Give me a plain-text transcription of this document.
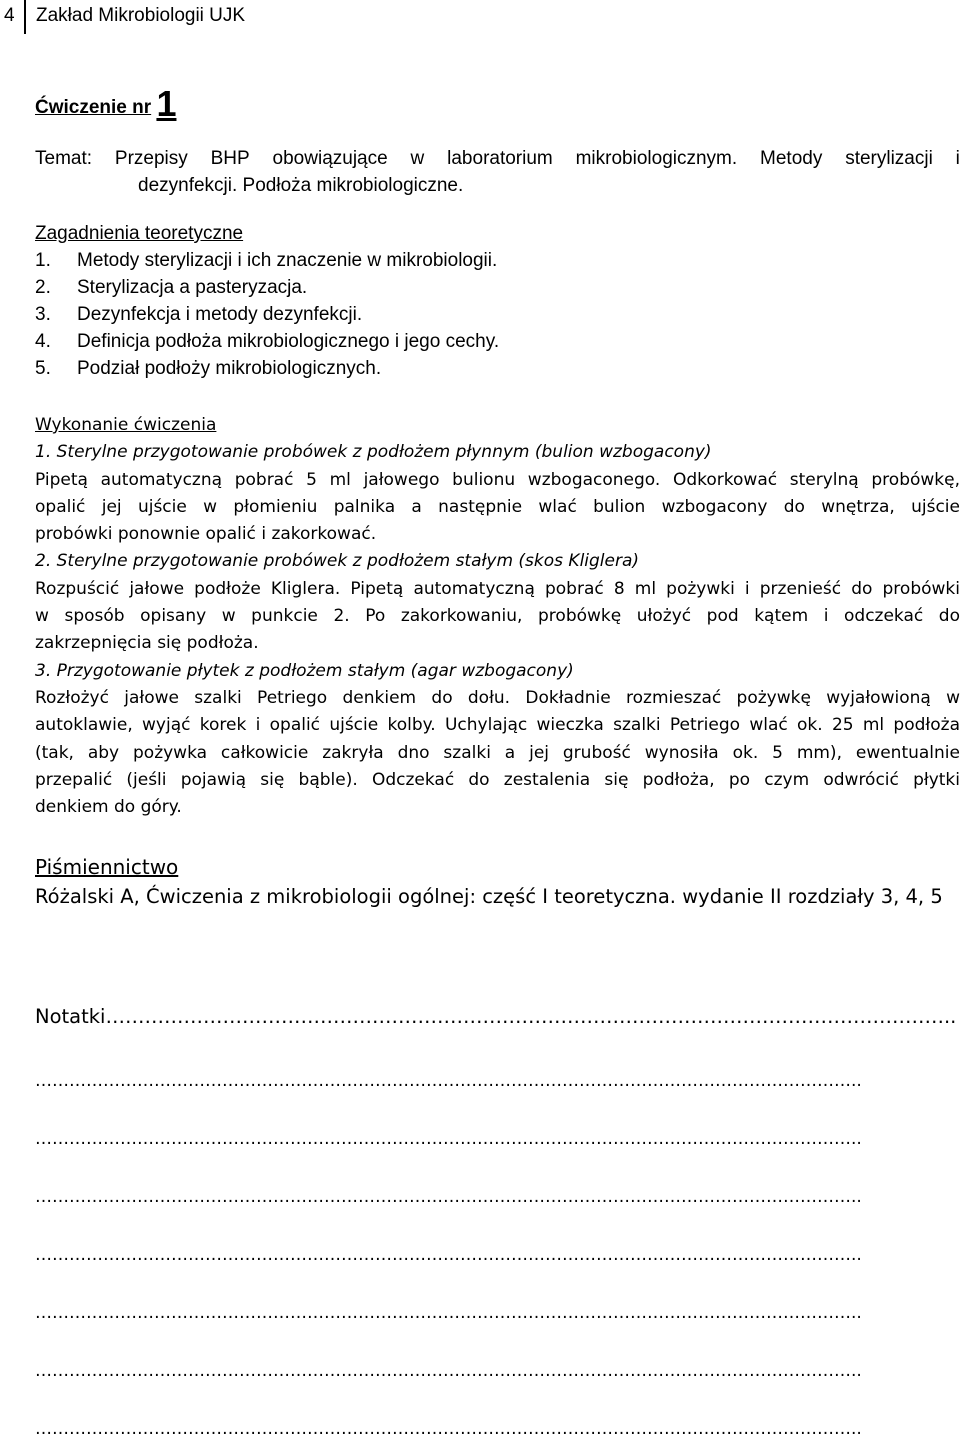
4 Zakład Mikrobiologii UJK
Ćwiczenie nr 1
Temat: Przepisy BHP obowiązujące w laboratorium mikrobiologicznym. Metody sterylizacji i
dezynfekcji. Podłoża mikrobiologiczne.
Zagadnienia teoretyczne
1. Metody sterylizacji i ich znaczenie w mikrobiologii.
2. Sterylizacja a pasteryzacja.
3. Dezynfekcja i metody dezynfekcji.
4. Definicja podłoża mikrobiologicznego i jego cechy.
5. Podział podłoży mikrobiologicznych.
Wykonanie ćwiczenia
1. Sterylne przygotowanie probówek z podłożem płynnym (bulion wzbogacony)
Pipetą automatyczną pobrać 5 ml jałowego bulionu wzbogaconego. Odkorkować sterylną probówkę,
opalić jej ujście w płomieniu palnika a następnie wlać bulion wzbogacony do wnętrza, ujście
probówki ponownie opalić i zakorkować.
2. Sterylne przygotowanie probówek z podłożem stałym (skos Kliglera)
Rozpuścić jałowe podłoże Kliglera. Pipetą automatyczną pobrać 8 ml pożywki i przenieść do probówki
w sposób opisany w punkcie 2. Po zakorkowaniu, probówkę ułożyć pod kątem i odczekać do
zakrzepnięcia się podłoża.
3. Przygotowanie płytek z podłożem stałym (agar wzbogacony)
Rozłożyć jałowe szalki Petriego denkiem do dołu. Dokładnie rozmieszać pożywkę wyjałowioną w
autoklawie, wyjąć korek i opalić ujście kolby. Uchylając wieczka szalki Petriego wlać ok. 25 ml podłoża
(tak, aby pożywka całkowicie zakryła dno szalki a jej grubość wynosiła ok. 5 mm), ewentualnie
przepalić (jeśli pojawią się bąble). Odczekać do zestalenia się podłoża, po czym odwrócić płytki
denkiem do góry.
Piśmiennictwo
Różalski A, Ćwiczenia z mikrobiologii ogólnej: część I teoretyczna. wydanie II rozdziały 3, 4, 5
Notatki…………………………………………………………………………………………………………………..
………………………………………………………………………………………………………………………………..
………………………………………………………………………………………………………………………………..
………………………………………………………………………………………………………………………………..
………………………………………………………………………………………………………………………………..
………………………………………………………………………………………………………………………………..
………………………………………………………………………………………………………………………………..
………………………………………………………………………………………………………………………………..
